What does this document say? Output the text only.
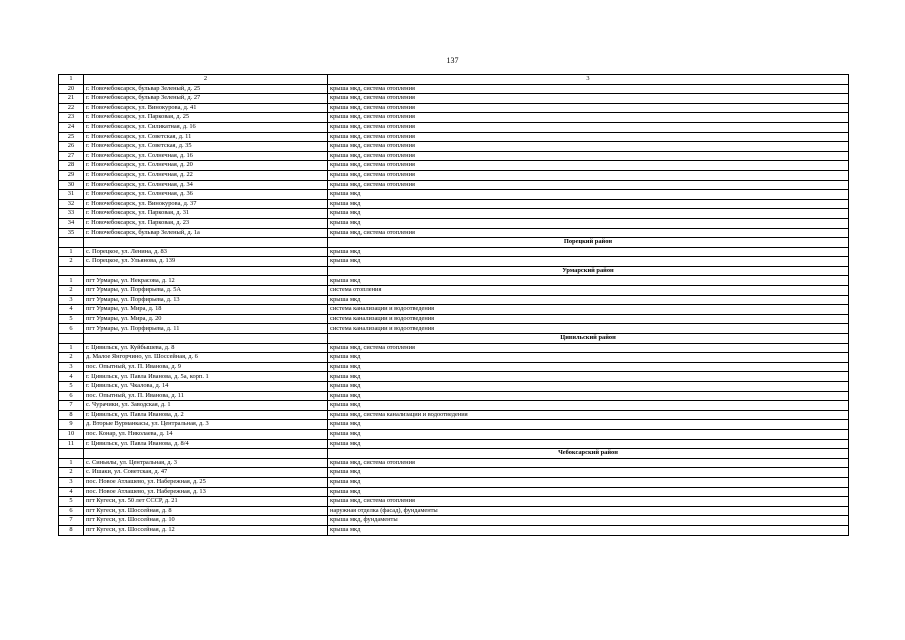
137
1	2	3
20	г. Новочебоксарск, бульвар Зеленый, д. 25	крыша мкд, система отопления
21	г. Новочебоксарск, бульвар Зеленый, д. 27	крыша мкд, система отопления
22	г. Новочебоксарск, ул. Винокурова, д. 41	крыша мкд, система отопления
23	г. Новочебоксарск, ул. Парковая, д. 25	крыша мкд, система отопления
24	г. Новочебоксарск, ул. Силикатная, д. 16	крыша мкд, система отопления
25	г. Новочебоксарск, ул. Советская, д. 11	крыша мкд, система отопления
26	г. Новочебоксарск, ул. Советская, д. 35	крыша мкд, система отопления
27	г. Новочебоксарск, ул. Солнечная, д. 16	крыша мкд, система отопления
28	г. Новочебоксарск, ул. Солнечная, д. 20	крыша мкд, система отопления
29	г. Новочебоксарск, ул. Солнечная, д. 22	крыша мкд, система отопления
30	г. Новочебоксарск, ул. Солнечная, д. 34	крыша мкд, система отопления
31	г. Новочебоксарск, ул. Солнечная, д. 36	крыша мкд
32	г. Новочебоксарск, ул. Винокурова, д. 37	крыша мкд
33	г. Новочебоксарск, ул. Парковая, д. 31	крыша мкд
34	г. Новочебоксарск, ул. Парковая, д. 23	крыша мкд
35	г. Новочебоксарск, бульвар Зеленый, д. 1а	крыша мкд, система отопления
		Порецкий район
1	с. Порецкое, ул. Ленина, д. 83	крыша мкд
2	с. Порецкое, ул. Ульянова, д. 139	крыша мкд
		Урмарский район
1	пгт Урмары, ул. Некрасова, д. 12	крыша мкд
2	пгт Урмары, ул. Порфирьева, д. 5А	система отопления
3	пгт Урмары, ул. Порфирьева, д. 13	крыша мкд
4	пгт Урмары, ул. Мира, д. 18	система канализации и водоотведения
5	пгт Урмары, ул. Мира, д. 20	система канализации и водоотведения
6	пгт Урмары, ул. Порфирьева, д. 11	система канализации и водоотведения
		Цивильский район
1	г. Цивильск, ул. Куйбышева, д. 8	крыша мкд, система отопления
2	д. Малое Янгорчино, ул. Шоссейная, д. 6	крыша мкд
3	пос. Опытный, ул. П. Иванова, д. 9	крыша мкд
4	г. Цивильск, ул. Павла Иванова, д. 5а, корп. 1	крыша мкд
5	г. Цивильск, ул. Чкалова, д. 14	крыша мкд
6	пос. Опытный, ул. П. Иванова, д. 11	крыша мкд
7	с. Чурачики, ул. Заводская, д. 1	крыша мкд
8	г. Цивильск, ул. Павла Иванова, д. 2	крыша мкд, система канализации и водоотведения
9	д. Вторые Вурманкасы, ул. Центральная, д. 3	крыша мкд
10	пос. Конар, ул. Николаева, д. 14	крыша мкд
11	г. Цивильск, ул. Павла Иванова, д. 8/4	крыша мкд
		Чебоксарский район
1	с. Синьялы, ул. Центральная, д. 3	крыша мкд, система отопления
2	с. Ишаки, ул. Советская, д. 47	крыша мкд
3	пос. Новое Атлашево, ул. Набережная, д. 25	крыша мкд
4	пос. Новое Атлашево, ул. Набережная, д. 13	крыша мкд
5	пгт Кугеси, ул. 50 лет СССР, д. 21	крыша мкд, система отопления
6	пгт Кугеси, ул. Шоссейная, д. 8	наружная отделка (фасад), фундаменты
7	пгт Кугеси, ул. Шоссейная, д. 10	крыша мкд, фундаменты
8	пгт Кугеси, ул. Шоссейная, д. 12	крыша мкд
